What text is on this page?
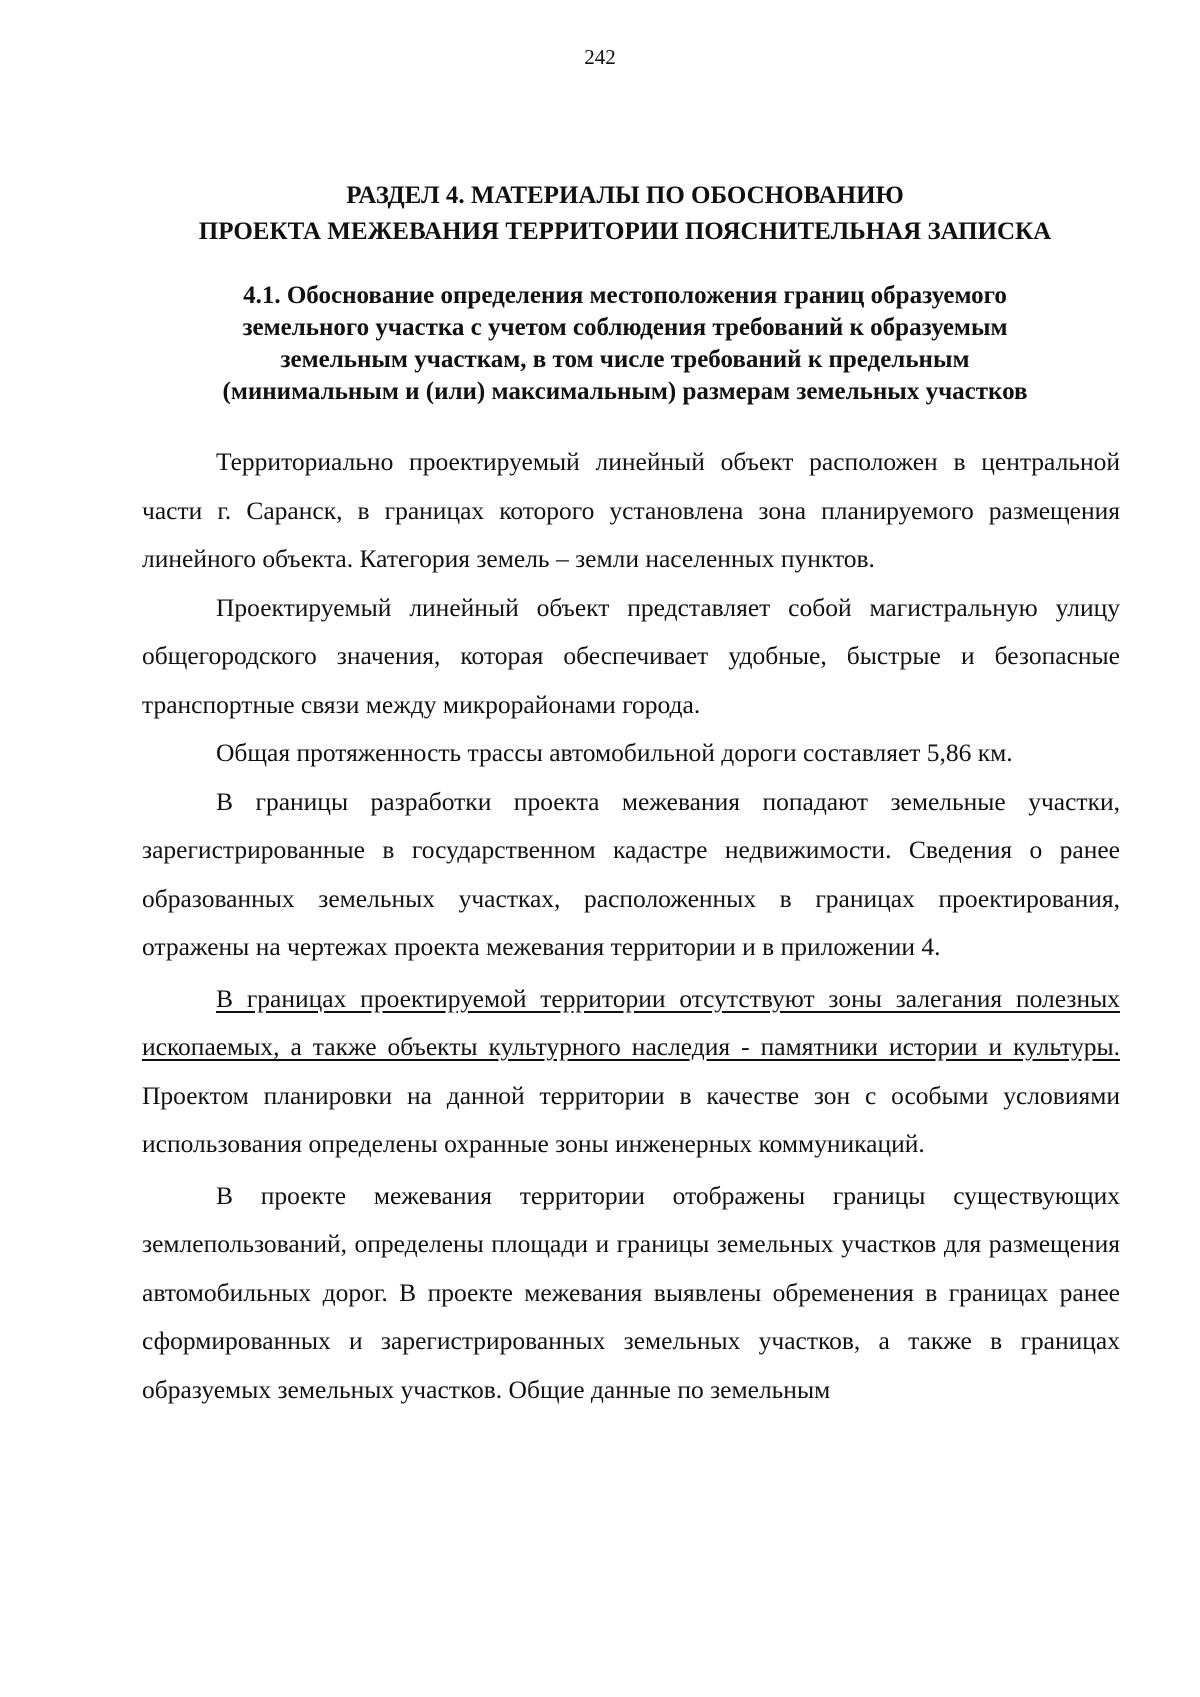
242
РАЗДЕЛ 4. МАТЕРИАЛЫ ПО ОБОСНОВАНИЮ
ПРОЕКТА МЕЖЕВАНИЯ ТЕРРИТОРИИ ПОЯСНИТЕЛЬНАЯ ЗАПИСКА
4.1. Обоснование определения местоположения границ образуемого
земельного участка с учетом соблюдения требований к образуемым
земельным участкам, в том числе требований к предельным
(минимальным и (или) максимальным) размерам земельных участков

Территориально проектируемый линейный объект расположен в центральной части г. Саранск, в границах которого установлена зона планируемого размещения линейного объекта. Категория земель – земли населенных пунктов.

Проектируемый линейный объект представляет собой магистральную улицу общегородского значения, которая обеспечивает удобные, быстрые и безопасные транспортные связи между микрорайонами города.

Общая протяженность трассы автомобильной дороги составляет 5,86 км.

В границы разработки проекта межевания попадают земельные участки, зарегистрированные в государственном кадастре недвижимости. Сведения о ранее образованных земельных участках, расположенных в границах проектирования, отражены на чертежах проекта межевания территории и в приложении 4.

В границах проектируемой территории отсутствуют зоны залегания полезных ископаемых, а также объекты культурного наследия - памятники истории и культуры. Проектом планировки на данной территории в качестве зон с особыми условиями использования определены охранные зоны инженерных коммуникаций.

В проекте межевания территории отображены границы существующих землепользований, определены площади и границы земельных участков для размещения автомобильных дорог. В проекте межевания выявлены обременения в границах ранее сформированных и зарегистрированных земельных участков, а также в границах образуемых земельных участков. Общие данные по земельным
